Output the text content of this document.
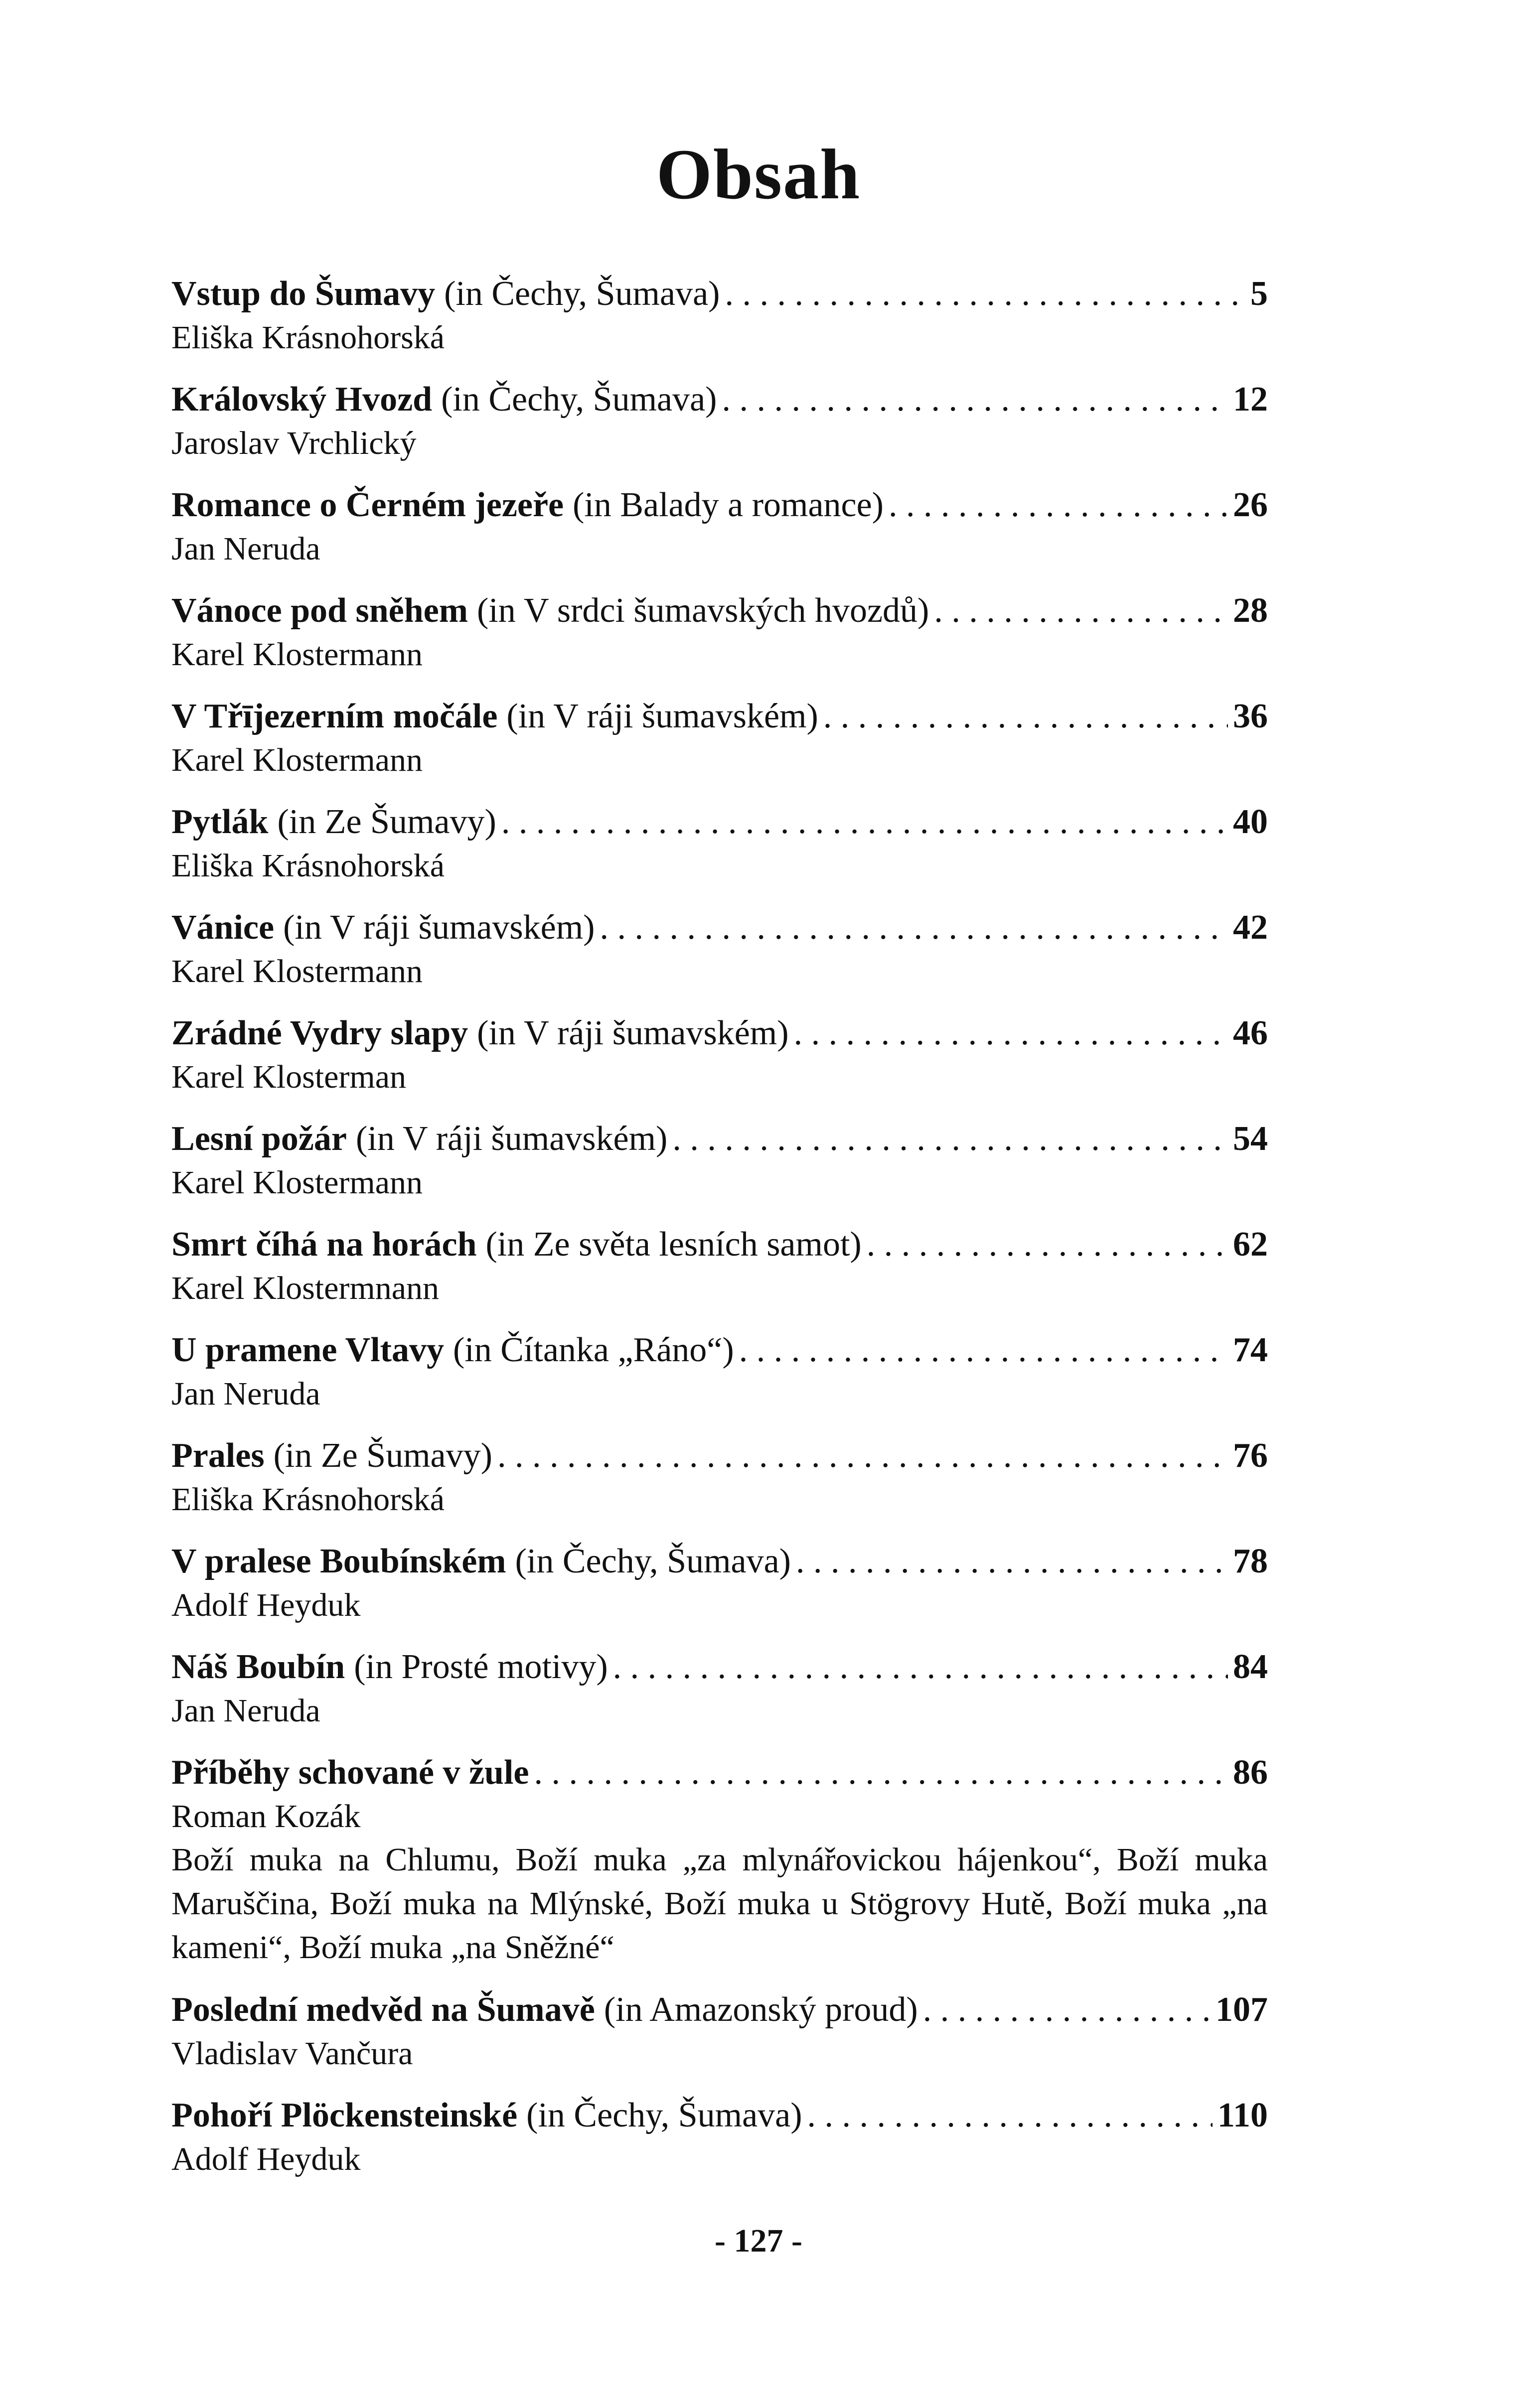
Obsah
Vstup do Šumavy (in Čechy, Šumava) . . .	5
Eliška Krásnohorská
Královský Hvozd (in Čechy, Šumava) . . .	12
Jaroslav Vrchlický
Romance o Černém jezeře (in Balady a romance) . . .	26
Jan Neruda
Vánoce pod sněhem (in V srdci šumavských hvozdů) . . .	28
Karel Klostermann
V Třījezerním močále (in V ráji šumavském) . . .	36
Karel Klostermann
Pytlák (in Ze Šumavy) . . .	40
Eliška Krásnohorská
Vánice (in V ráji šumavském) . . .	42
Karel Klostermann
Zrádné Vydry slapy (in V ráji šumavském) . . .	46
Karel Klosterman
Lesní požár (in V ráji šumavském) . . .	54
Karel Klostermann
Smrt číhá na horách (in Ze světa lesních samot) . . .	62
Karel Klostermnann
U pramene Vltavy (in Čítanka „Ráno“) . . .	74
Jan Neruda
Prales (in Ze Šumavy) . . .	76
Eliška Krásnohorská
V pralese Boubínském (in Čechy, Šumava) . . .	78
Adolf Heyduk
Náš Boubín (in Prosté motivy) . . .	84
Jan Neruda
Příběhy schované v žule . . .	86
Roman Kozák
Boží muka na Chlumu, Boží muka „za mlynářovickou hájenkou“, Boží muka Maruščina, Boží muka na Mlýnské, Boží muka u Stögrovy Hutě, Boží muka „na kameni“, Boží muka „na Sněžné“
Poslední medvěd na Šumavě (in Amazonský proud) . . .	107
Vladislav Vančura
Pohoří Plöckensteinské (in Čechy, Šumava) . . .	110
Adolf Heyduk
- 127 -
